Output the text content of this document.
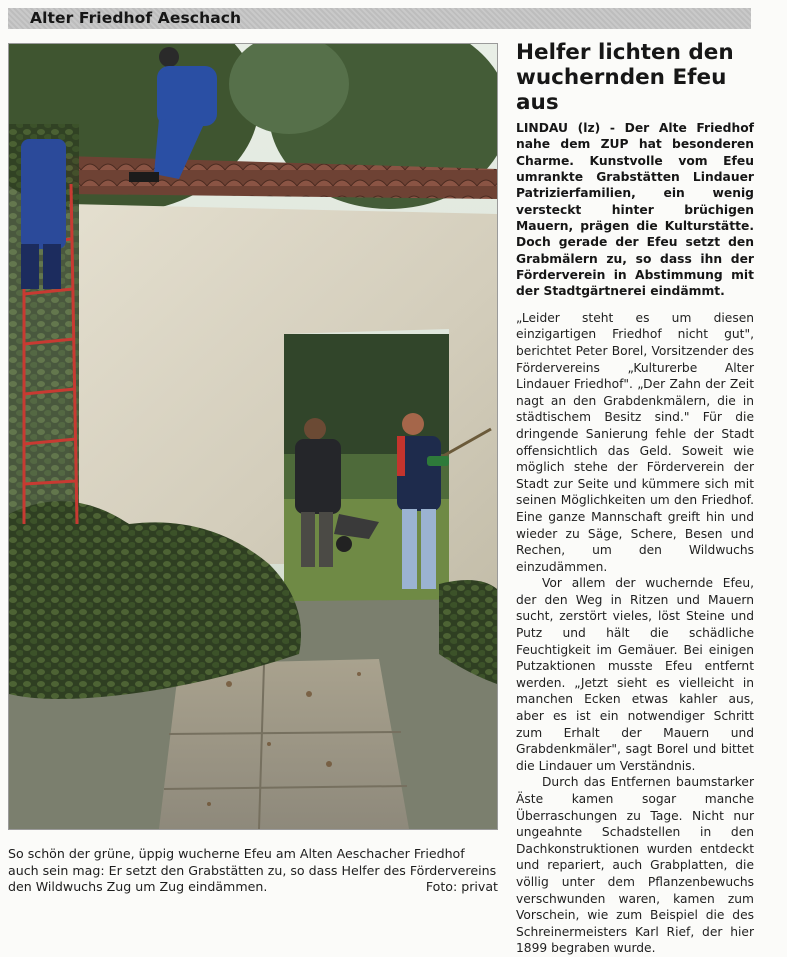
Alter Friedhof Aeschach
So schön der grüne, üppig wucherne Efeu am Alten Aeschacher Friedhof auch sein mag: Er setzt den Grabstätten zu, so dass Helfer des Fördervereins den Wildwuchs Zug um Zug eindämmen.	Foto: privat
Helfer lichten den wuchernden Efeu aus

LINDAU (lz) - Der Alte Friedhof nahe dem ZUP hat besonderen Charme. Kunstvolle vom Efeu umrankte Grabstätten Lindauer Patrizierfamilien, ein wenig versteckt hinter brüchigen Mauern, prägen die Kulturstätte. Doch gerade der Efeu setzt den Grabmälern zu, so dass ihn der Förderverein in Abstimmung mit der Stadtgärtnerei eindämmt.

„Leider steht es um diesen einzigartigen Friedhof nicht gut", berichtet Peter Borel, Vorsitzender des Fördervereins „Kulturerbe Alter Lindauer Friedhof". „Der Zahn der Zeit nagt an den Grabdenkmälern, die in städtischem Besitz sind." Für die dringende Sanierung fehle der Stadt offensichtlich das Geld. Soweit wie möglich stehe der Förderverein der Stadt zur Seite und kümmere sich mit seinen Möglichkeiten um den Friedhof. Eine ganze Mannschaft greift hin und wieder zu Säge, Schere, Besen und Rechen, um den Wildwuchs einzudämmen.

Vor allem der wuchernde Efeu, der den Weg in Ritzen und Mauern sucht, zerstört vieles, löst Steine und Putz und hält die schädliche Feuchtigkeit im Gemäuer. Bei einigen Putzaktionen musste Efeu entfernt werden. „Jetzt sieht es vielleicht in manchen Ecken etwas kahler aus, aber es ist ein notwendiger Schritt zum Erhalt der Mauern und Grabdenkmäler", sagt Borel und bittet die Lindauer um Verständnis.

Durch das Entfernen baumstarker Äste kamen sogar manche Überraschungen zu Tage. Nicht nur ungeahnte Schadstellen in den Dachkonstruktionen wurden entdeckt und repariert, auch Grabplatten, die völlig unter dem Pflanzenbewuchs verschwunden waren, kamen zum Vorschein, wie zum Beispiel die des Schreinermeisters Karl Rief, der hier 1899 begraben wurde.
